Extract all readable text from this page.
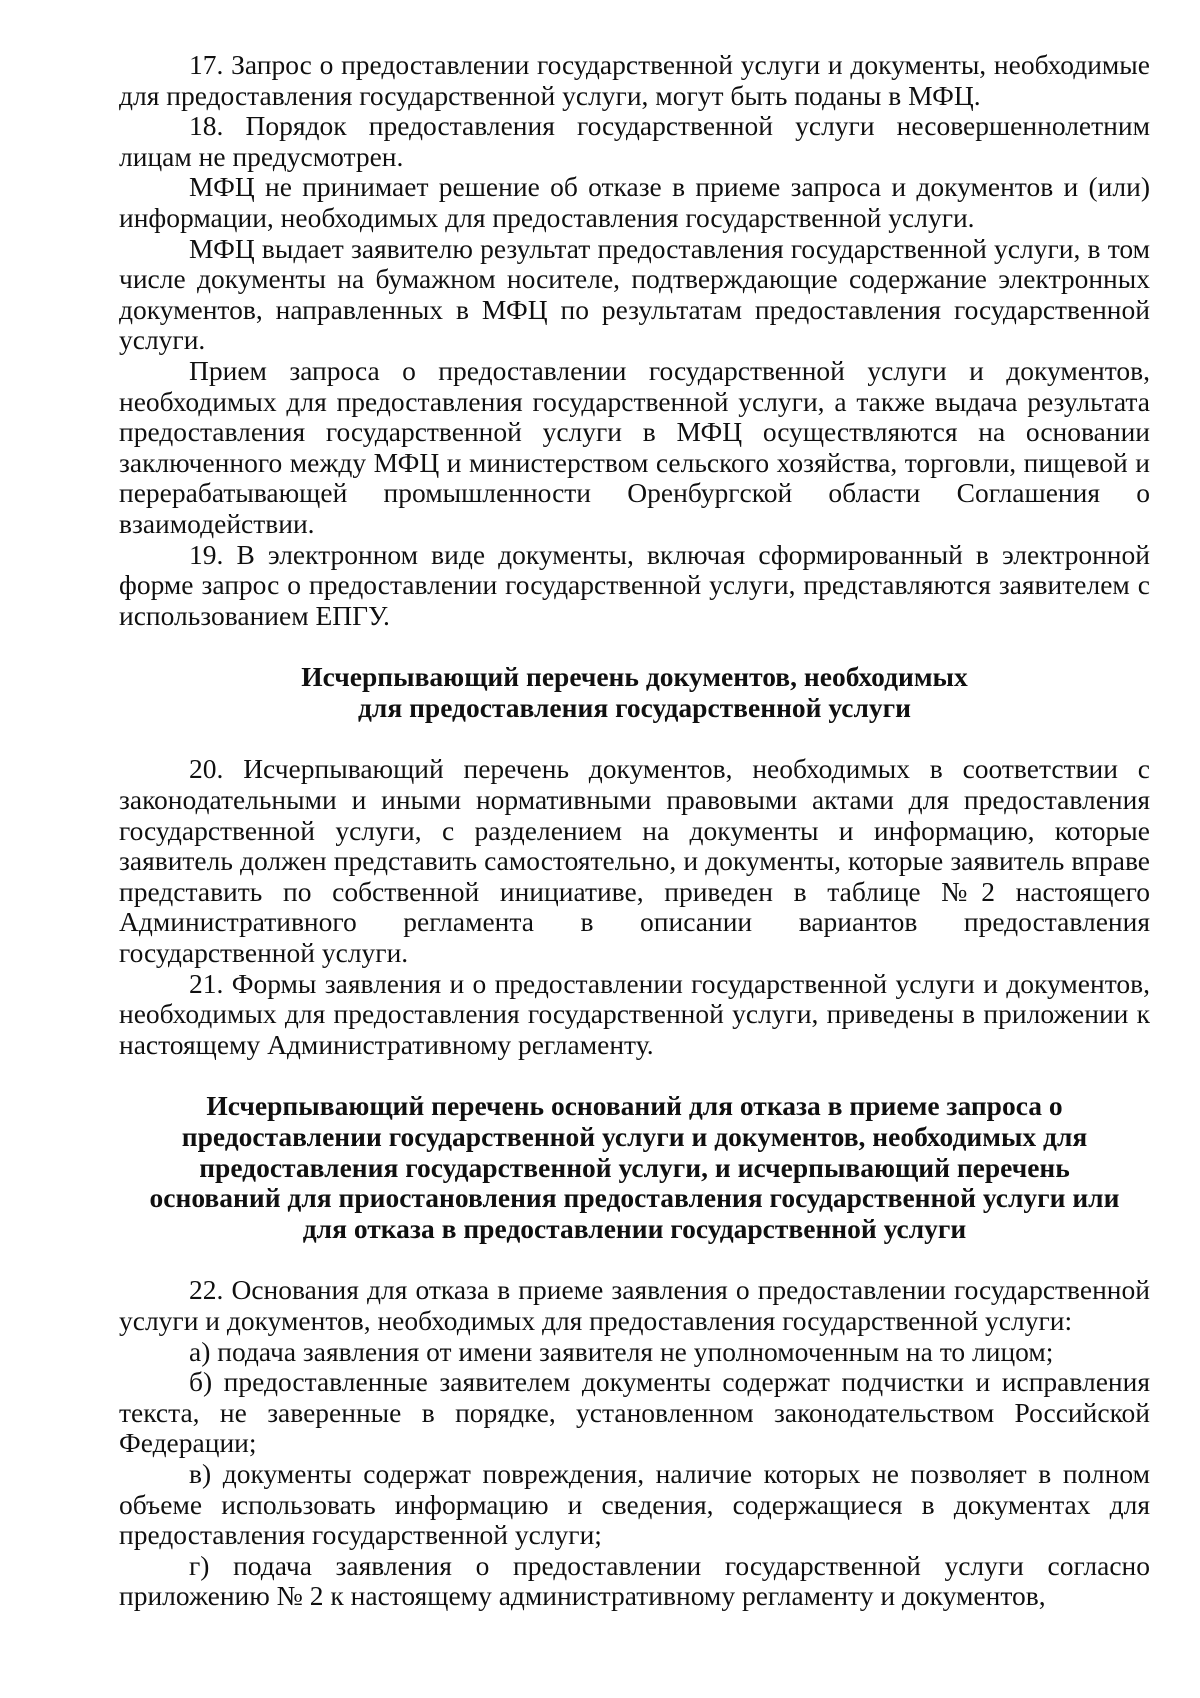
17. Запрос о предоставлении государственной услуги и документы, необходимые для предоставления государственной услуги, могут быть поданы в МФЦ.

18. Порядок предоставления государственной услуги несовершеннолетним лицам не предусмотрен.

МФЦ не принимает решение об отказе в приеме запроса и документов и (или) информации, необходимых для предоставления государственной услуги.

МФЦ выдает заявителю результат предоставления государственной услуги, в том числе документы на бумажном носителе, подтверждающие содержание электронных документов, направленных в МФЦ по результатам предоставления государственной услуги.

Прием запроса о предоставлении государственной услуги и документов, необходимых для предоставления государственной услуги, а также выдача результата предоставления государственной услуги в МФЦ осуществляются на основании заключенного между МФЦ и министерством сельского хозяйства, торговли, пищевой и перерабатывающей промышленности Оренбургской области Соглашения о взаимодействии.

19. В электронном виде документы, включая сформированный в электронной форме запрос о предоставлении государственной услуги, представляются заявителем с использованием ЕПГУ.

Исчерпывающий перечень документов, необходимых
для предоставления государственной услуги

20. Исчерпывающий перечень документов, необходимых в соответствии с законодательными и иными нормативными правовыми актами для предоставления государственной услуги, с разделением на документы и информацию, которые заявитель должен представить самостоятельно, и документы, которые заявитель вправе представить по собственной инициативе, приведен в таблице №2 настоящего Административного регламента в описании вариантов предоставления государственной услуги.

21. Формы заявления и о предоставлении государственной услуги и документов, необходимых для предоставления государственной услуги, приведены в приложении к настоящему Административному регламенту.

Исчерпывающий перечень оснований для отказа в приеме запроса о
предоставлении государственной услуги и документов, необходимых для
предоставления государственной услуги, и исчерпывающий перечень
оснований для приостановления предоставления государственной услуги или
для отказа в предоставлении государственной услуги

22. Основания для отказа в приеме заявления о предоставлении государственной услуги и документов, необходимых для предоставления государственной услуги:

а) подача заявления от имени заявителя не уполномоченным на то лицом;

б) предоставленные заявителем документы содержат подчистки и исправления текста, не заверенные в порядке, установленном законодательством Российской Федерации;

в) документы содержат повреждения, наличие которых не позволяет в полном объеме использовать информацию и сведения, содержащиеся в документах для предоставления государственной услуги;

г) подача заявления о предоставлении государственной услуги согласно приложению № 2 к настоящему административному регламенту и документов,
